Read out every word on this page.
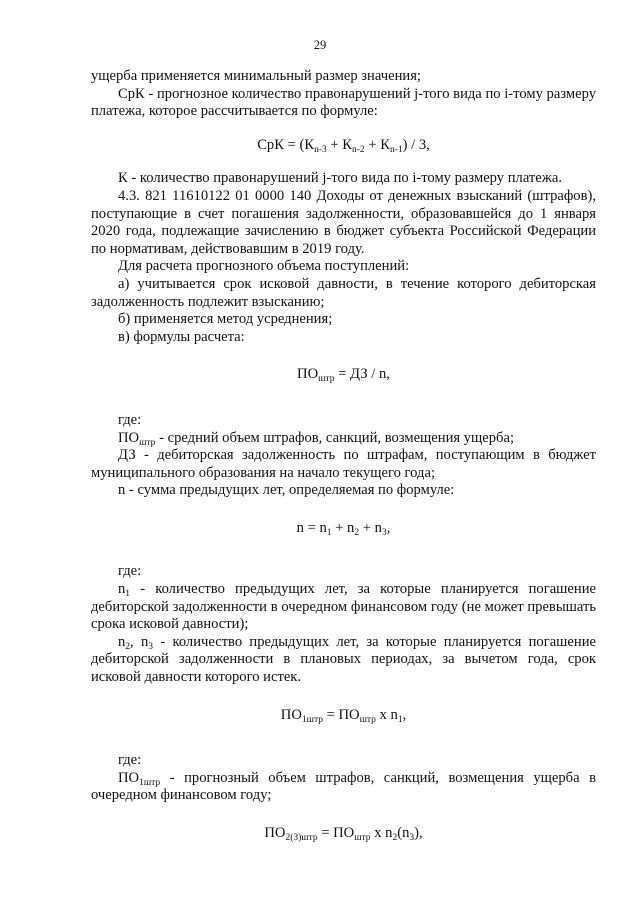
29

ущерба применяется минимальный размер значения;

СрК - прогнозное количество правонарушений j-того вида по i-тому размеру платежа, которое рассчитывается по формуле:

СрК = $(К_{n-3} + К_{n-2} + К_{n-1}) / 3$,

К - количество правонарушений j-того вида по i-тому размеру платежа.

4.3. 821 11610122 01 0000 140 Доходы от денежных взысканий (штрафов), поступающие в счет погашения задолженности, образовавшейся до 1 января 2020 года, подлежащие зачислению в бюджет субъекта Российской Федерации по нормативам, действовавшим в 2019 году.

Для расчета прогнозного объема поступлений:

а) учитывается срок исковой давности, в течение которого дебиторская задолженность подлежит взысканию;

б) применяется метод усреднения;

в) формулы расчета:

$ПО_{штр}$ = ДЗ / n,

где:

$ПО_{штр}$ - средний объем штрафов, санкций, возмещения ущерба;

ДЗ - дебиторская задолженность по штрафам, поступающим в бюджет муниципального образования на начало текущего года;

n - сумма предыдущих лет, определяемая по формуле:

$n = n_1 + n_2 + n_3$,

где:

$n_1$ - количество предыдущих лет, за которые планируется погашение дебиторской задолженности в очередном финансовом году (не может превышать срока исковой давности);

$n_2$, $n_3$ - количество предыдущих лет, за которые планируется погашение дебиторской задолженности в плановых периодах, за вычетом года, срок исковой давности которого истек.

$ПО_{1штр} = ПО_{штр}$ x $n_1$,

где:

$ПО_{1штр}$ - прогнозный объем штрафов, санкций, возмещения ущерба в очередном финансовом году;

$ПО_{2(3)штр} = ПО_{штр}$ x $n_2(n_3)$,
